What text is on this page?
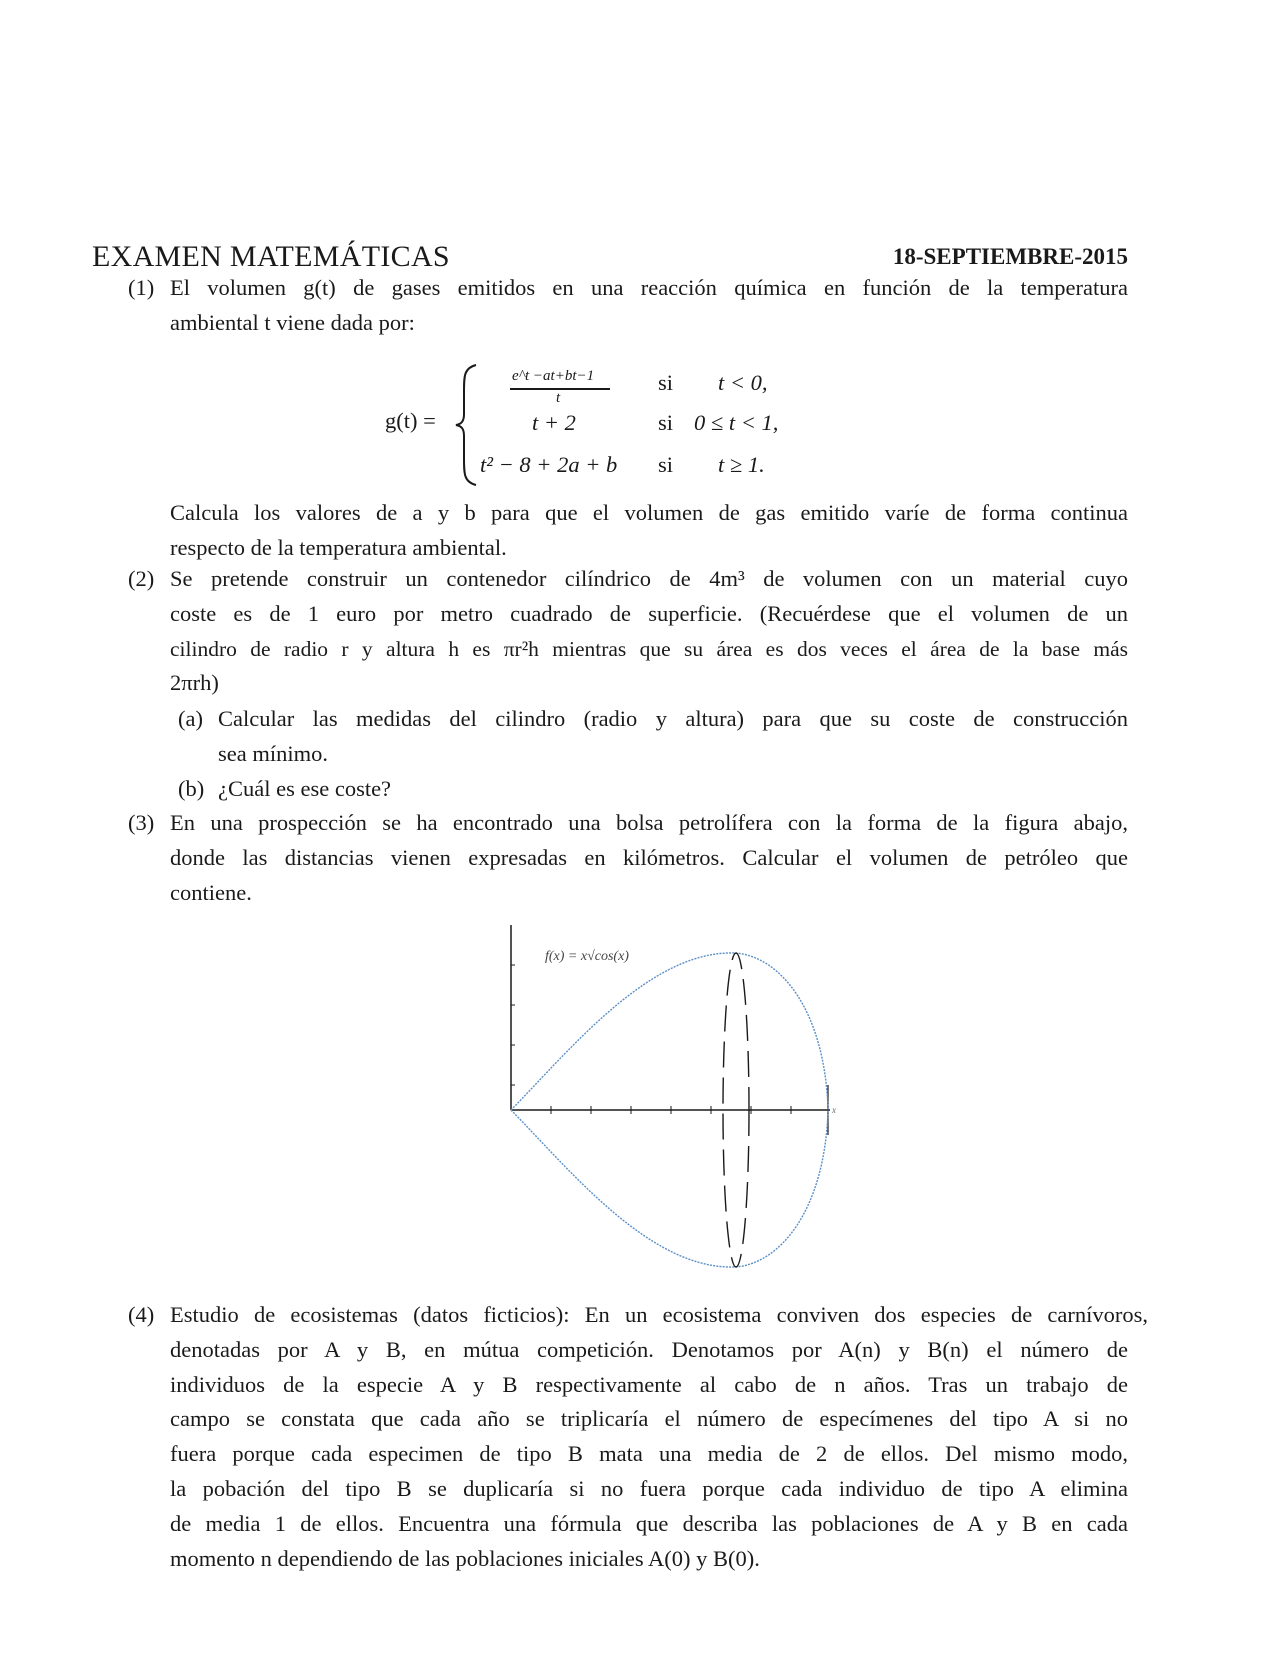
EXAMEN MATEMÁTICAS	18-SEPTIEMBRE-2015
(1) El volumen g(t) de gases emitidos en una reacción química en función de la temperatura
ambiental t viene dada por:
g(t) =
e^t −at+bt−1
t
si t < 0,
t + 2	si 0 ≤ t < 1,
t² − 8 + 2a + b si t ≥ 1.
Calcula los valores de a y b para que el volumen de gas emitido varíe de forma continua
respecto de la temperatura ambiental.
(2) Se pretende construir un contenedor cilíndrico de 4m³ de volumen con un material cuyo
coste es de 1 euro por metro cuadrado de superficie. (Recuérdese que el volumen de un
cilindro de radio r y altura h es πr²h mientras que su área es dos veces el área de la base más
2πrh)
(a) Calcular las medidas del cilindro (radio y altura) para que su coste de construcción
sea mínimo.
(b) ¿Cuál es ese coste?
(3) En una prospección se ha encontrado una bolsa petrolífera con la forma de la figura abajo,
donde las distancias vienen expresadas en kilómetros. Calcular el volumen de petróleo que
contiene.
x
f(x) = x√cos(x)
(4) Estudio de ecosistemas (datos ficticios): En un ecosistema conviven dos especies de carnívoros,
denotadas por A y B, en mútua competición. Denotamos por A(n) y B(n) el número de
individuos de la especie A y B respectivamente al cabo de n años. Tras un trabajo de
campo se constata que cada año se triplicaría el número de especímenes del tipo A si no
fuera porque cada especimen de tipo B mata una media de 2 de ellos. Del mismo modo,
la pobación del tipo B se duplicaría si no fuera porque cada individuo de tipo A elimina
de media 1 de ellos. Encuentra una fórmula que describa las poblaciones de A y B en cada
momento n dependiendo de las poblaciones iniciales A(0) y B(0).
